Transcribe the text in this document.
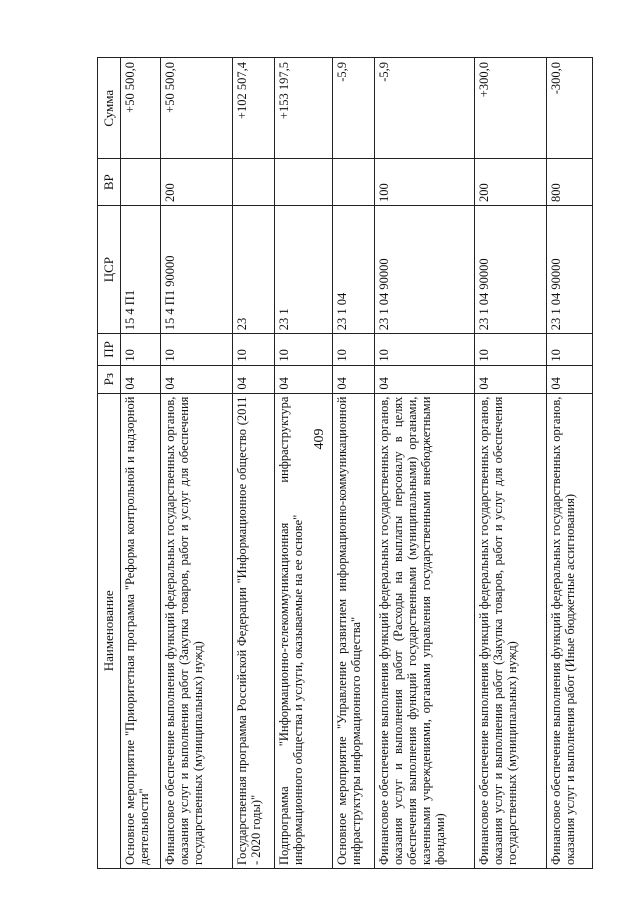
409
Наименование	Рз	ПР	ЦСР	ВР	Сумма
Основное мероприятие "Приоритетная программа "Реформа контрольной и надзорной деятельности"	04	10	15 4 П1		+50 500,0
Финансовое обеспечение выполнения функций федеральных государственных органов, оказания услуг и выполнения работ (Закупка товаров, работ и услуг для обеспечения государственных (муниципальных) нужд)	04	10	15 4 П1 90000	200	+50 500,0
Государственная программа Российской Федерации "Информационное общество (2011 - 2020 годы)"	04	10	23		+102 507,4
Подпрограмма "Информационно-телекоммуникационная инфраструктура информационного общества и услуги, оказываемые на ее основе"	04	10	23 1		+153 197,5
Основное мероприятие "Управление развитием информационно-коммуникационной инфраструктуры информационного общества"	04	10	23 1 04		-5,9
Финансовое обеспечение выполнения функций федеральных государственных органов, оказания услуг и выполнения работ (Расходы на выплаты персоналу в целях обеспечения выполнения функций государственными (муниципальными) органами, казенными учреждениями, органами управления государственными внебюджетными фондами)	04	10	23 1 04 90000	100	-5,9
Финансовое обеспечение выполнения функций федеральных государственных органов, оказания услуг и выполнения работ (Закупка товаров, работ и услуг для обеспечения государственных (муниципальных) нужд)	04	10	23 1 04 90000	200	+300,0
Финансовое обеспечение выполнения функций федеральных государственных органов, оказания услуг и выполнения работ (Иные бюджетные ассигнования)	04	10	23 1 04 90000	800	-300,0
